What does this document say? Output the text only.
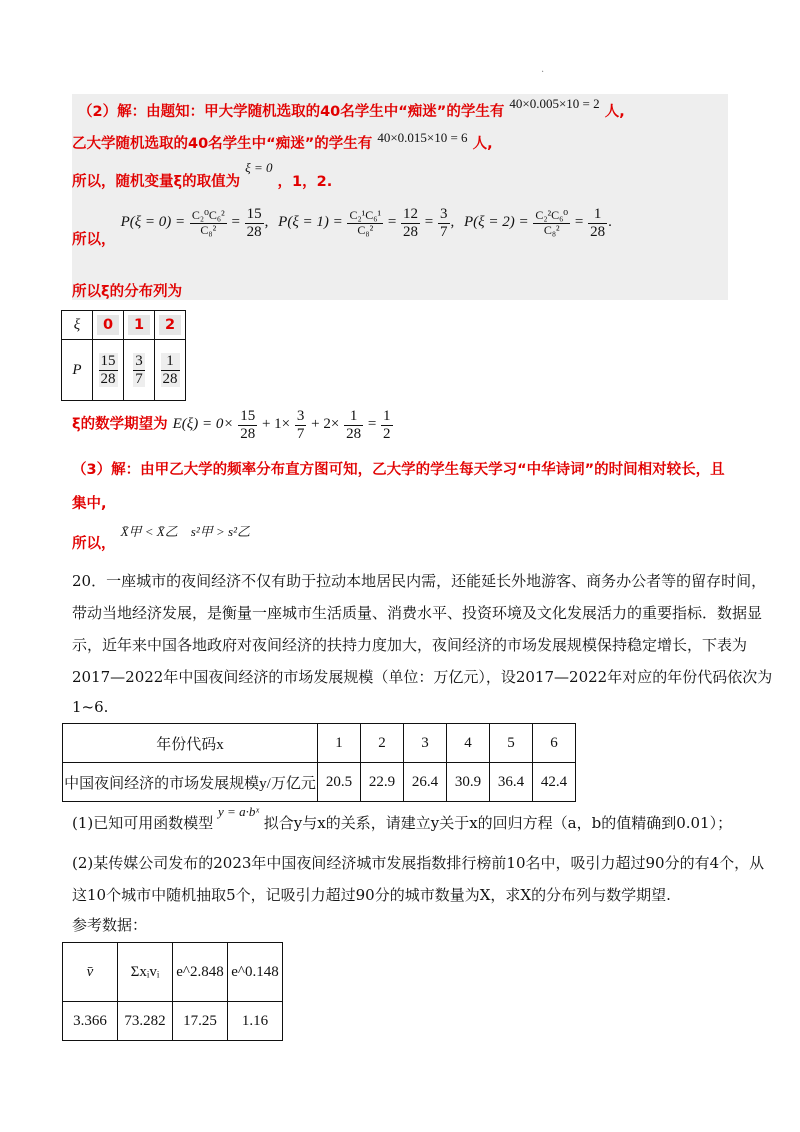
.
（2）解：由题知：甲大学随机选取的40名学生中“痴迷”的学生有 40×0.005×10 = 2 人,
乙大学随机选取的40名学生中“痴迷”的学生有 40×0.015×10 = 6 人,
所以，随机变量ξ的取值为 ξ = 0 ，1，2.
所以， $P(\xi = 0) = \frac{\text{C₂⁰C₆²}}{\text{C₈²}} = \frac{15}{28}$ , $P(\xi = 1) = \frac{\text{C₂¹C₆¹}}{\text{C₈²}} = \frac{12}{28} = \frac{3}{7}$ , $P(\xi = 2) = \frac{\text{C₂²C₆⁰}}{\text{C₈²}} = \frac{1}{28}$ .
所以ξ的分布列为
ξ	0	1	2
P	$\frac{15}{28}$	$\frac{3}{7}$	$\frac{1}{28}$
ξ的数学期望为 $E(\xi) = 0\times \frac{15}{28} + 1\times \frac{3}{7} + 2\times \frac{1}{28} = \frac{1}{2}$
（3）解：由甲乙大学的频率分布直方图可知，乙大学的学生每天学习“中华诗词”的时间相对较长，且
集中,
所以， X̄甲 < X̄乙 s²甲 > s²乙
20．一座城市的夜间经济不仅有助于拉动本地居民内需，还能延长外地游客、商务办公者等的留存时间，
带动当地经济发展，是衡量一座城市生活质量、消费水平、投资环境及文化发展活力的重要指标．数据显
示，近年来中国各地政府对夜间经济的扶持力度加大，夜间经济的市场发展规模保持稳定增长，下表为
2017—2022年中国夜间经济的市场发展规模（单位：万亿元），设2017—2022年对应的年份代码依次为
1~6.
年份代码x	1	2	3	4	5	6
中国夜间经济的市场发展规模y/万亿元	20.5	22.9	26.4	30.9	36.4	42.4
(1)已知可用函数模型 y = a·bˣ 拟合y与x的关系，请建立y关于x的回归方程（a，b的值精确到0.01）；
(2)某传媒公司发布的2023年中国夜间经济城市发展指数排行榜前10名中，吸引力超过90分的有4个，从
这10个城市中随机抽取5个，记吸引力超过90分的城市数量为X，求X的分布列与数学期望.
参考数据：
v̄	Σxᵢvᵢ	e^2.848	e^0.148
3.366	73.282	17.25	1.16
